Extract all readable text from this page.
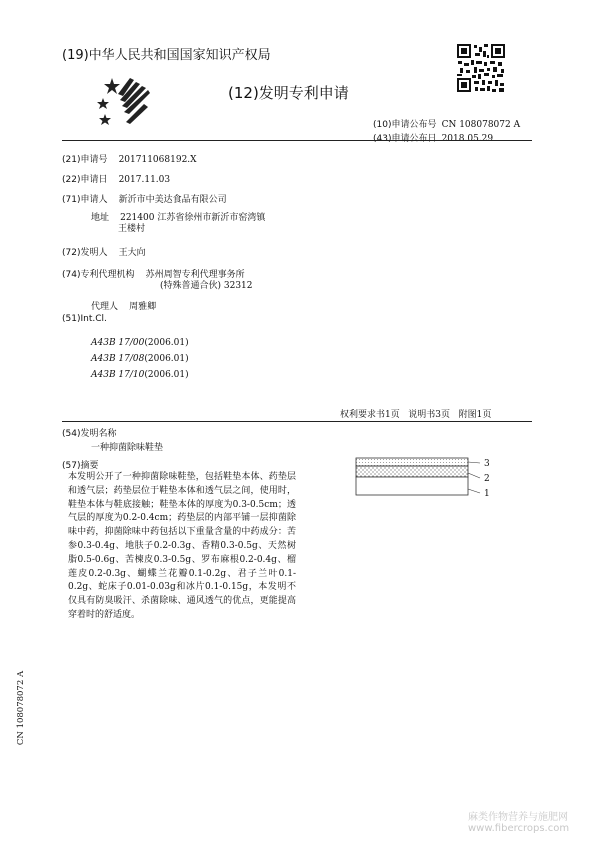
(19)中华人民共和国国家知识产权局
(12)发明专利申请
(10)申请公布号 CN 108078072 A
(43)申请公布日 2018.05.29
(21)申请号 201711068192.X
(22)申请日 2017.11.03
(71)申请人 新沂市中美达食品有限公司
地址 221400 江苏省徐州市新沂市窑湾镇
王楼村
(72)发明人 王大向
(74)专利代理机构 苏州周智专利代理事务所
(特殊普通合伙) 32312
代理人 周雅卿
(51)Int.Cl.
A43B 17/00(2006.01)
A43B 17/08(2006.01)
A43B 17/10(2006.01)
权利要求书1页   说明书3页   附图1页
(54)发明名称
一种抑菌除味鞋垫
(57)摘要
本发明公开了一种抑菌除味鞋垫，包括鞋垫本体、药垫层和透气层；药垫层位于鞋垫本体和透气层之间，使用时，鞋垫本体与鞋底接触；鞋垫本体的厚度为0.3-0.5cm；透气层的厚度为0.2-0.4cm；药垫层的内部平铺一层抑菌除味中药，抑菌除味中药包括以下重量含量的中药成分：苦参0.3-0.4g、地肤子0.2-0.3g、香精0.3-0.5g、天然树脂0.5-0.6g、苦楝皮0.3-0.5g、罗布麻根0.2-0.4g、榴莲皮0.2-0.3g、蝴蝶兰花瓣0.1-0.2g、君子兰叶0.1-0.2g、蛇床子0.01-0.03g和冰片0.1-0.15g，本发明不仅具有防臭吸汗、杀菌除味、通风透气的优点，更能提高穿着时的舒适度。
3
2
1
CN 108078072 A
麻类作物营养与施肥网
www.fibercrops.com
